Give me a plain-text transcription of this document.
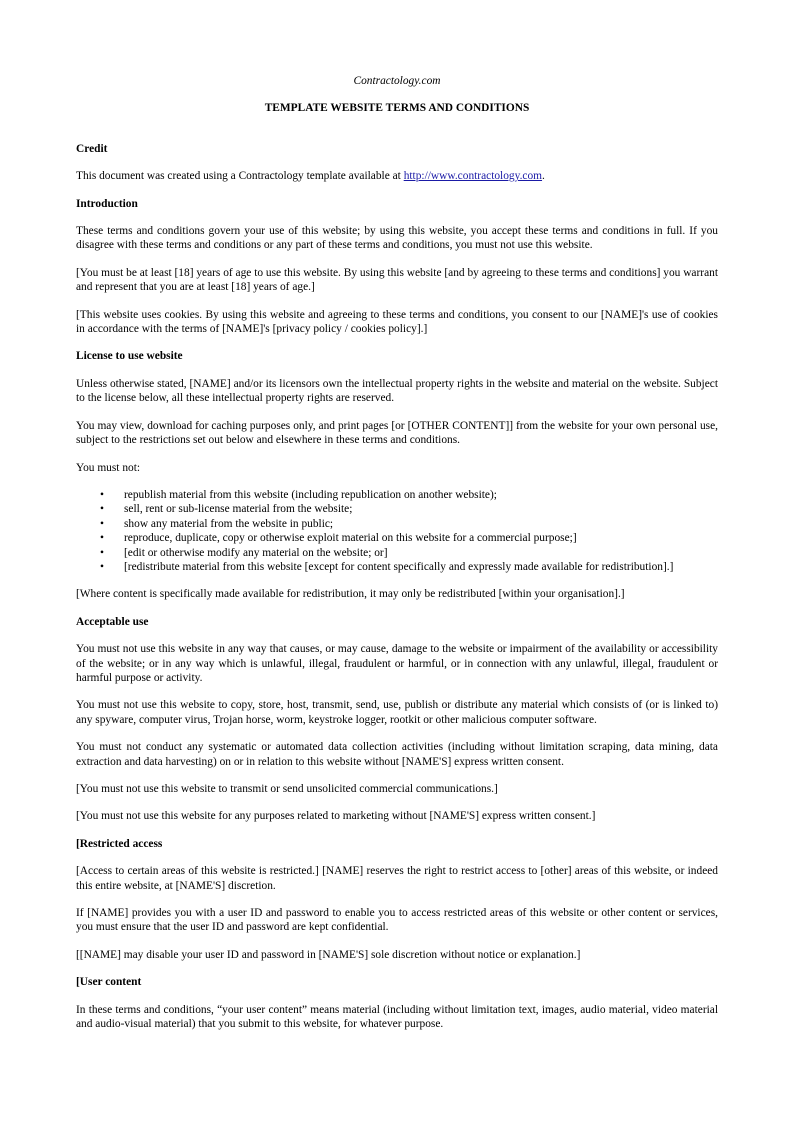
Contractology.com

TEMPLATE WEBSITE TERMS AND CONDITIONS

Credit

This document was created using a Contractology template available at http://www.contractology.com.

Introduction

These terms and conditions govern your use of this website; by using this website, you accept these terms and conditions in full. If you disagree with these terms and conditions or any part of these terms and conditions, you must not use this website.

[You must be at least [18] years of age to use this website. By using this website [and by agreeing to these terms and conditions] you warrant and represent that you are at least [18] years of age.]

[This website uses cookies. By using this website and agreeing to these terms and conditions, you consent to our [NAME]'s use of cookies in accordance with the terms of [NAME]'s [privacy policy / cookies policy].]

License to use website

Unless otherwise stated, [NAME] and/or its licensors own the intellectual property rights in the website and material on the website. Subject to the license below, all these intellectual property rights are reserved.

You may view, download for caching purposes only, and print pages [or [OTHER CONTENT]] from the website for your own personal use, subject to the restrictions set out below and elsewhere in these terms and conditions.

You must not:

• republish material from this website (including republication on another website);
• sell, rent or sub-license material from the website;
• show any material from the website in public;
• reproduce, duplicate, copy or otherwise exploit material on this website for a commercial purpose;]
• [edit or otherwise modify any material on the website; or]
• [redistribute material from this website [except for content specifically and expressly made available for redistribution].]

[Where content is specifically made available for redistribution, it may only be redistributed [within your organisation].]

Acceptable use

You must not use this website in any way that causes, or may cause, damage to the website or impairment of the availability or accessibility of the website; or in any way which is unlawful, illegal, fraudulent or harmful, or in connection with any unlawful, illegal, fraudulent or harmful purpose or activity.

You must not use this website to copy, store, host, transmit, send, use, publish or distribute any material which consists of (or is linked to) any spyware, computer virus, Trojan horse, worm, keystroke logger, rootkit or other malicious computer software.

You must not conduct any systematic or automated data collection activities (including without limitation scraping, data mining, data extraction and data harvesting) on or in relation to this website without [NAME'S] express written consent.

[You must not use this website to transmit or send unsolicited commercial communications.]

[You must not use this website for any purposes related to marketing without [NAME'S] express written consent.]

[Restricted access

[Access to certain areas of this website is restricted.] [NAME] reserves the right to restrict access to [other] areas of this website, or indeed this entire website, at [NAME'S] discretion.

If [NAME] provides you with a user ID and password to enable you to access restricted areas of this website or other content or services, you must ensure that the user ID and password are kept confidential.

[[NAME] may disable your user ID and password in [NAME'S] sole discretion without notice or explanation.]

[User content

In these terms and conditions, “your user content” means material (including without limitation text, images, audio material, video material and audio-visual material) that you submit to this website, for whatever purpose.
